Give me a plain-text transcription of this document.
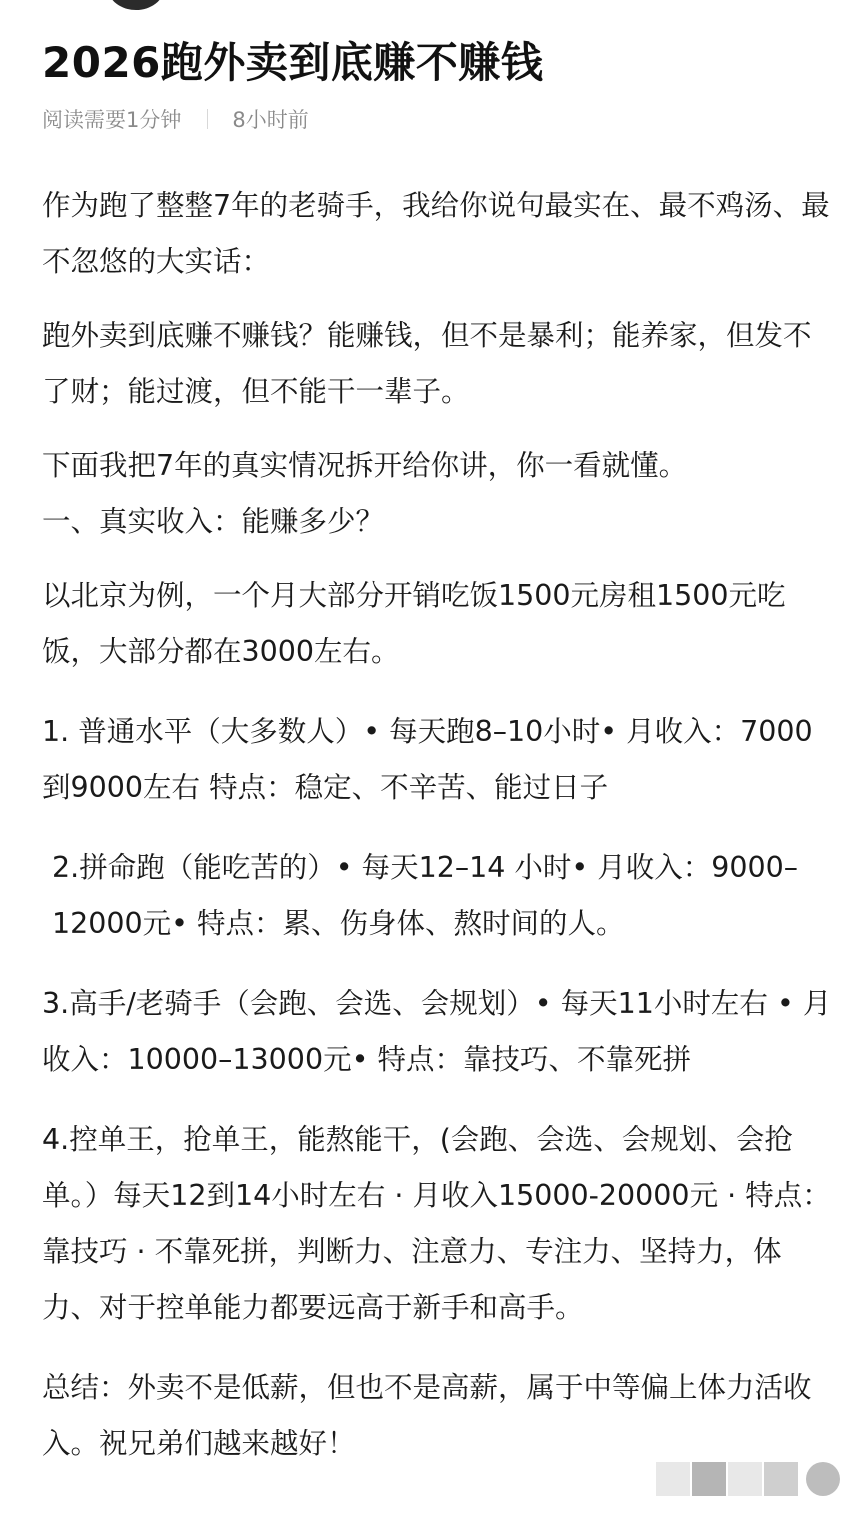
2026跑外卖到底赚不赚钱
阅读需要1分钟 8小时前

作为跑了整整7年的老骑手，我给你说句最实在、最不鸡汤、最不忽悠的大实话：

跑外卖到底赚不赚钱？能赚钱，但不是暴利；能养家，但发不了财；能过渡，但不能干一辈子。

下面我把7年的真实情况拆开给你讲，你一看就懂。

一、真实收入：能赚多少？

以北京为例，一个月大部分开销吃饭1500元房租1500元吃饭，大部分都在3000左右。

1. 普通水平（大多数人）• 每天跑8–10小时• 月收入：7000到9000左右 特点：稳定、不辛苦、能过日子

2.拼命跑（能吃苦的）• 每天12–14 小时• 月收入：9000–12000元• 特点：累、伤身体、熬时间的人。

3.高手/老骑手（会跑、会选、会规划）• 每天11小时左右 • 月收入：10000–13000元• 特点：靠技巧、不靠死拼

4.控单王，抢单王，能熬能干，(会跑、会选、会规划、会抢单。）每天12到14小时左右 · 月收入15000-20000元 · 特点：靠技巧 · 不靠死拼，判断力、注意力、专注力、坚持力，体力、对于控单能力都要远高于新手和高手。

总结：外卖不是低薪，但也不是高薪，属于中等偏上体力活收入。祝兄弟们越来越好！
